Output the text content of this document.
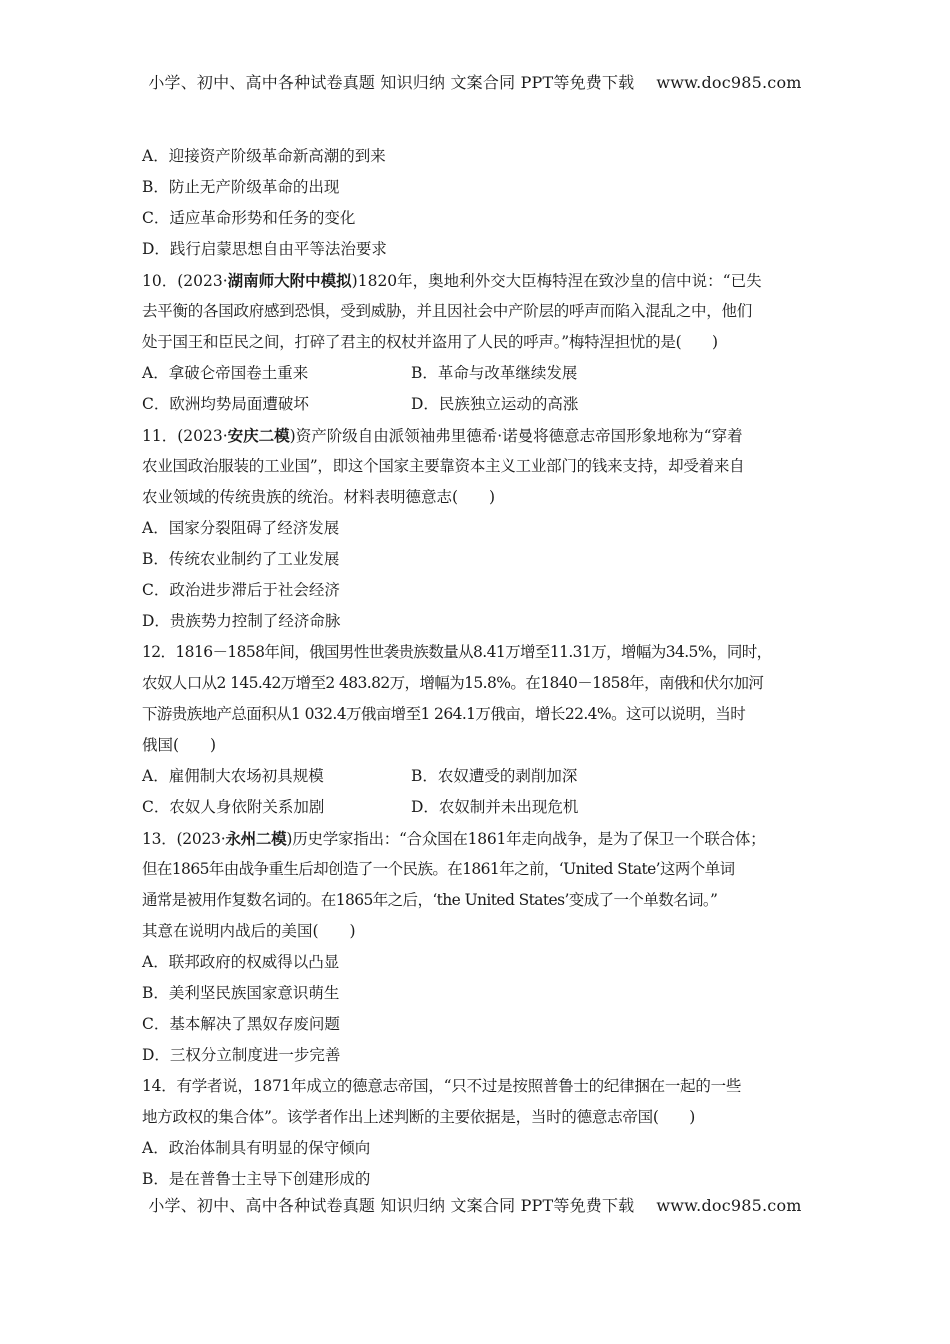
小学、初中、高中各种试卷真题 知识归纳 文案合同 PPT等免费下载 www.doc985.com
A．迎接资产阶级革命新高潮的到来
B．防止无产阶级革命的出现
C．适应革命形势和任务的变化
D．践行启蒙思想自由平等法治要求
10．(2023·湖南师大附中模拟)1820年，奥地利外交大臣梅特涅在致沙皇的信中说：“已失
去平衡的各国政府感到恐惧，受到威胁，并且因社会中产阶层的呼声而陷入混乱之中，他们
处于国王和臣民之间，打碎了君主的权杖并盗用了人民的呼声。”梅特涅担忧的是(　　)
A．拿破仑帝国卷土重来	B．革命与改革继续发展
C．欧洲均势局面遭破坏	D．民族独立运动的高涨
11．(2023·安庆二模)资产阶级自由派领袖弗里德希·诺曼将德意志帝国形象地称为“穿着
农业国政治服装的工业国”，即这个国家主要靠资本主义工业部门的钱来支持，却受着来自
农业领域的传统贵族的统治。材料表明德意志(　　)
A．国家分裂阻碍了经济发展
B．传统农业制约了工业发展
C．政治进步滞后于社会经济
D．贵族势力控制了经济命脉
12．1816－1858年间，俄国男性世袭贵族数量从8.41万增至11.31万，增幅为34.5%，同时，
农奴人口从2 145.42万增至2 483.82万，增幅为15.8%。在1840－1858年，南俄和伏尔加河
下游贵族地产总面积从1 032.4万俄亩增至1 264.1万俄亩，增长22.4%。这可以说明，当时
俄国(　　)
A．雇佣制大农场初具规模	B．农奴遭受的剥削加深
C．农奴人身依附关系加剧	D．农奴制并未出现危机
13．(2023·永州二模)历史学家指出：“合众国在1861年走向战争，是为了保卫一个联合体；
但在1865年由战争重生后却创造了一个民族。在1861年之前，‘United State’这两个单词
通常是被用作复数名词的。在1865年之后，‘the United States’变成了一个单数名词。”
其意在说明内战后的美国(　　)
A．联邦政府的权威得以凸显
B．美利坚民族国家意识萌生
C．基本解决了黑奴存废问题
D．三权分立制度进一步完善
14．有学者说，1871年成立的德意志帝国，“只不过是按照普鲁士的纪律捆在一起的一些
地方政权的集合体”。该学者作出上述判断的主要依据是，当时的德意志帝国(　　)
A．政治体制具有明显的保守倾向
B．是在普鲁士主导下创建形成的
小学、初中、高中各种试卷真题 知识归纳 文案合同 PPT等免费下载 www.doc985.com
